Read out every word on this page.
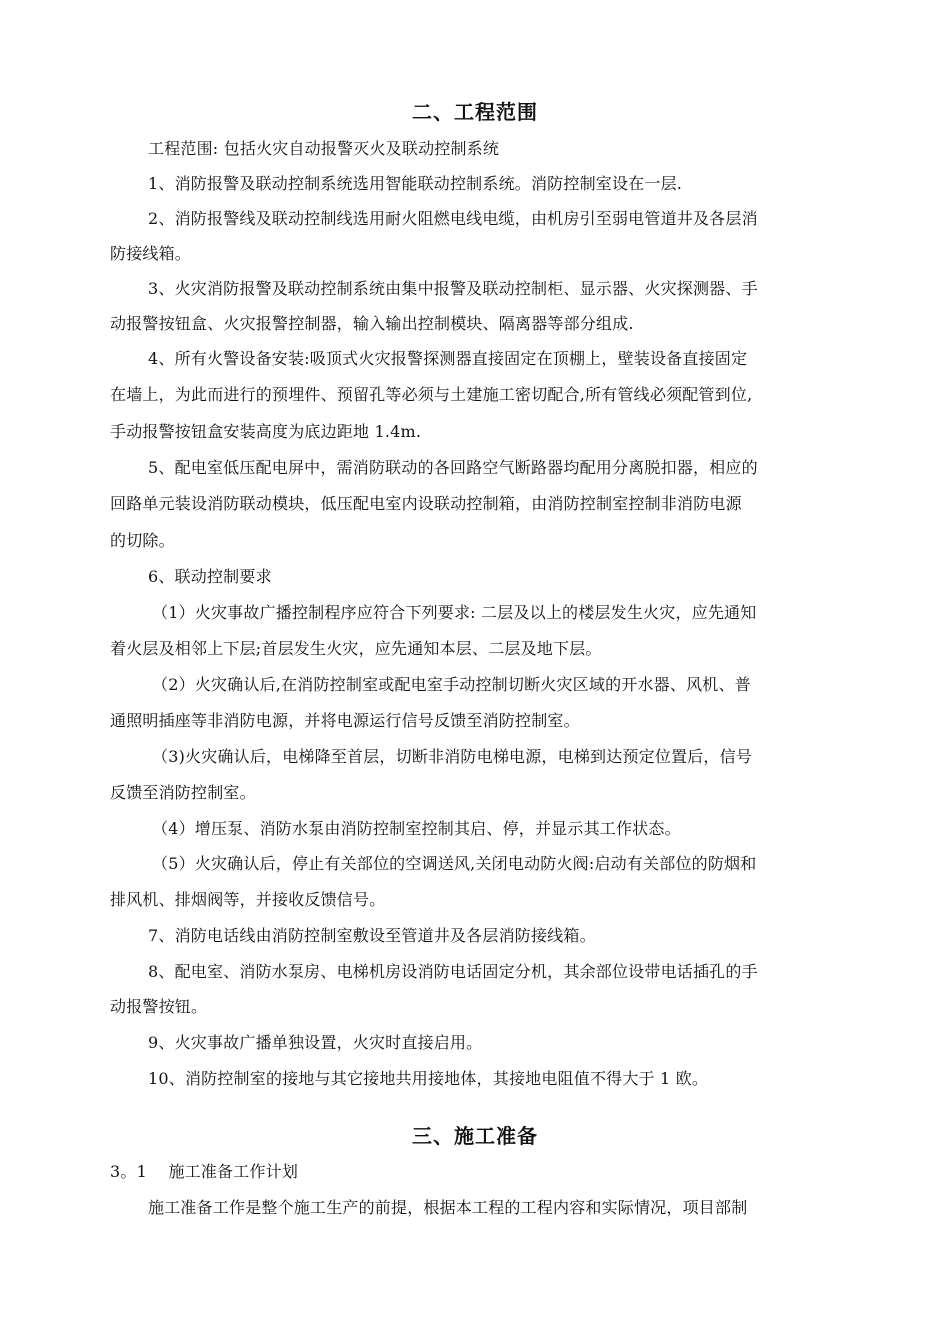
二、工程范围
工程范围: 包括火灾自动报警灭火及联动控制系统
1、消防报警及联动控制系统选用智能联动控制系统。消防控制室设在一层.
2、消防报警线及联动控制线选用耐火阻燃电线电缆，由机房引至弱电管道井及各层消
防接线箱。
3、火灾消防报警及联动控制系统由集中报警及联动控制柜、显示器、火灾探测器、手
动报警按钮盒、火灾报警控制器，输入输出控制模块、隔离器等部分组成.
4、所有火警设备安装:吸顶式火灾报警探测器直接固定在顶棚上，壁装设备直接固定
在墙上，为此而进行的预埋件、预留孔等必须与土建施工密切配合,所有管线必须配管到位,
手动报警按钮盒安装高度为底边距地 1.4m.
5、配电室低压配电屏中，需消防联动的各回路空气断路器均配用分离脱扣器，相应的
回路单元装设消防联动模块，低压配电室内设联动控制箱，由消防控制室控制非消防电源
的切除。
6、联动控制要求
（1）火灾事故广播控制程序应符合下列要求: 二层及以上的楼层发生火灾，应先通知
着火层及相邻上下层;首层发生火灾，应先通知本层、二层及地下层。
（2）火灾确认后,在消防控制室或配电室手动控制切断火灾区域的开水器、风机、普
通照明插座等非消防电源，并将电源运行信号反馈至消防控制室。
（3)火灾确认后，电梯降至首层，切断非消防电梯电源，电梯到达预定位置后，信号
反馈至消防控制室。
（4）增压泵、消防水泵由消防控制室控制其启、停，并显示其工作状态。
（5）火灾确认后，停止有关部位的空调送风,关闭电动防火阀:启动有关部位的防烟和
排风机、排烟阀等，并接收反馈信号。
7、消防电话线由消防控制室敷设至管道井及各层消防接线箱。
8、配电室、消防水泵房、电梯机房设消防电话固定分机，其余部位设带电话插孔的手
动报警按钮。
9、火灾事故广播单独设置，火灾时直接启用。
10、消防控制室的接地与其它接地共用接地体，其接地电阻值不得大于 1 欧。
三、施工准备
3。1　 施工准备工作计划
施工准备工作是整个施工生产的前提，根据本工程的工程内容和实际情况，项目部制
